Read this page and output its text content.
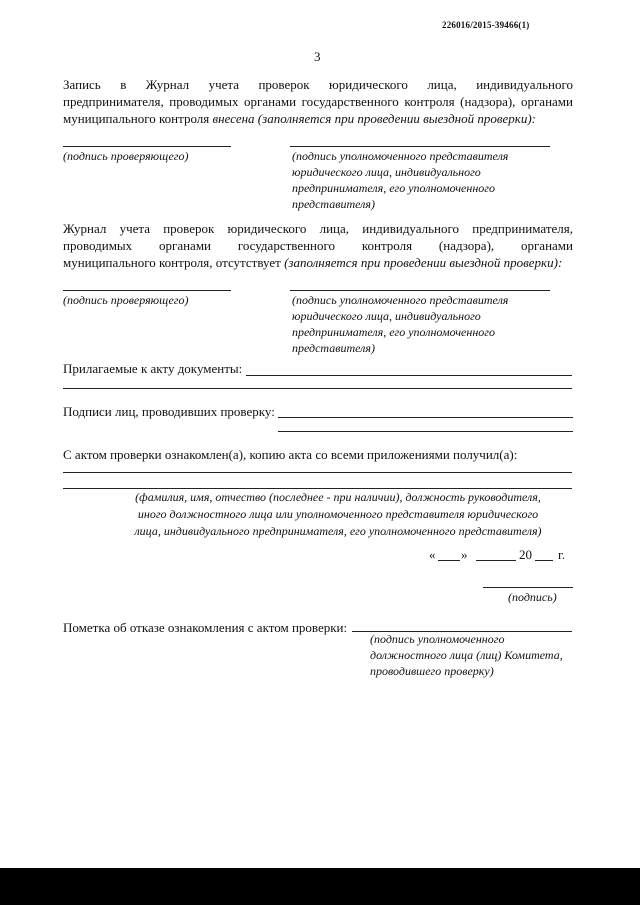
226016/2015-39466(1)
3
Запись в Журнал учета проверок юридического лица, индивидуального
предпринимателя, проводимых органами государственного контроля (надзора), органами
муниципального контроля внесена (заполняется при проведении выездной проверки):
(подпись проверяющего)	(подпись уполномоченного представителя
юридического лица, индивидуального
предпринимателя, его уполномоченного
представителя)
Журнал учета проверок юридического лица, индивидуального предпринимателя,
проводимых органами государственного контроля (надзора), органами
муниципального контроля, отсутствует (заполняется при проведении выездной проверки):
(подпись проверяющего)	(подпись уполномоченного представителя
юридического лица, индивидуального
предпринимателя, его уполномоченного
представителя)
Прилагаемые к акту документы:
Подписи лиц, проводивших проверку:
С актом проверки ознакомлен(а), копию акта со всеми приложениями получил(а):
(фамилия, имя, отчество (последнее - при наличии), должность руководителя,
иного должностного лица или уполномоченного представителя юридического
лица, индивидуального предпринимателя, его уполномоченного представителя)
« »	20 г.
(подпись)
Пометка об отказе ознакомления с актом проверки:
(подпись уполномоченного
должностного лица (лиц) Комитета,
проводившего проверку)
